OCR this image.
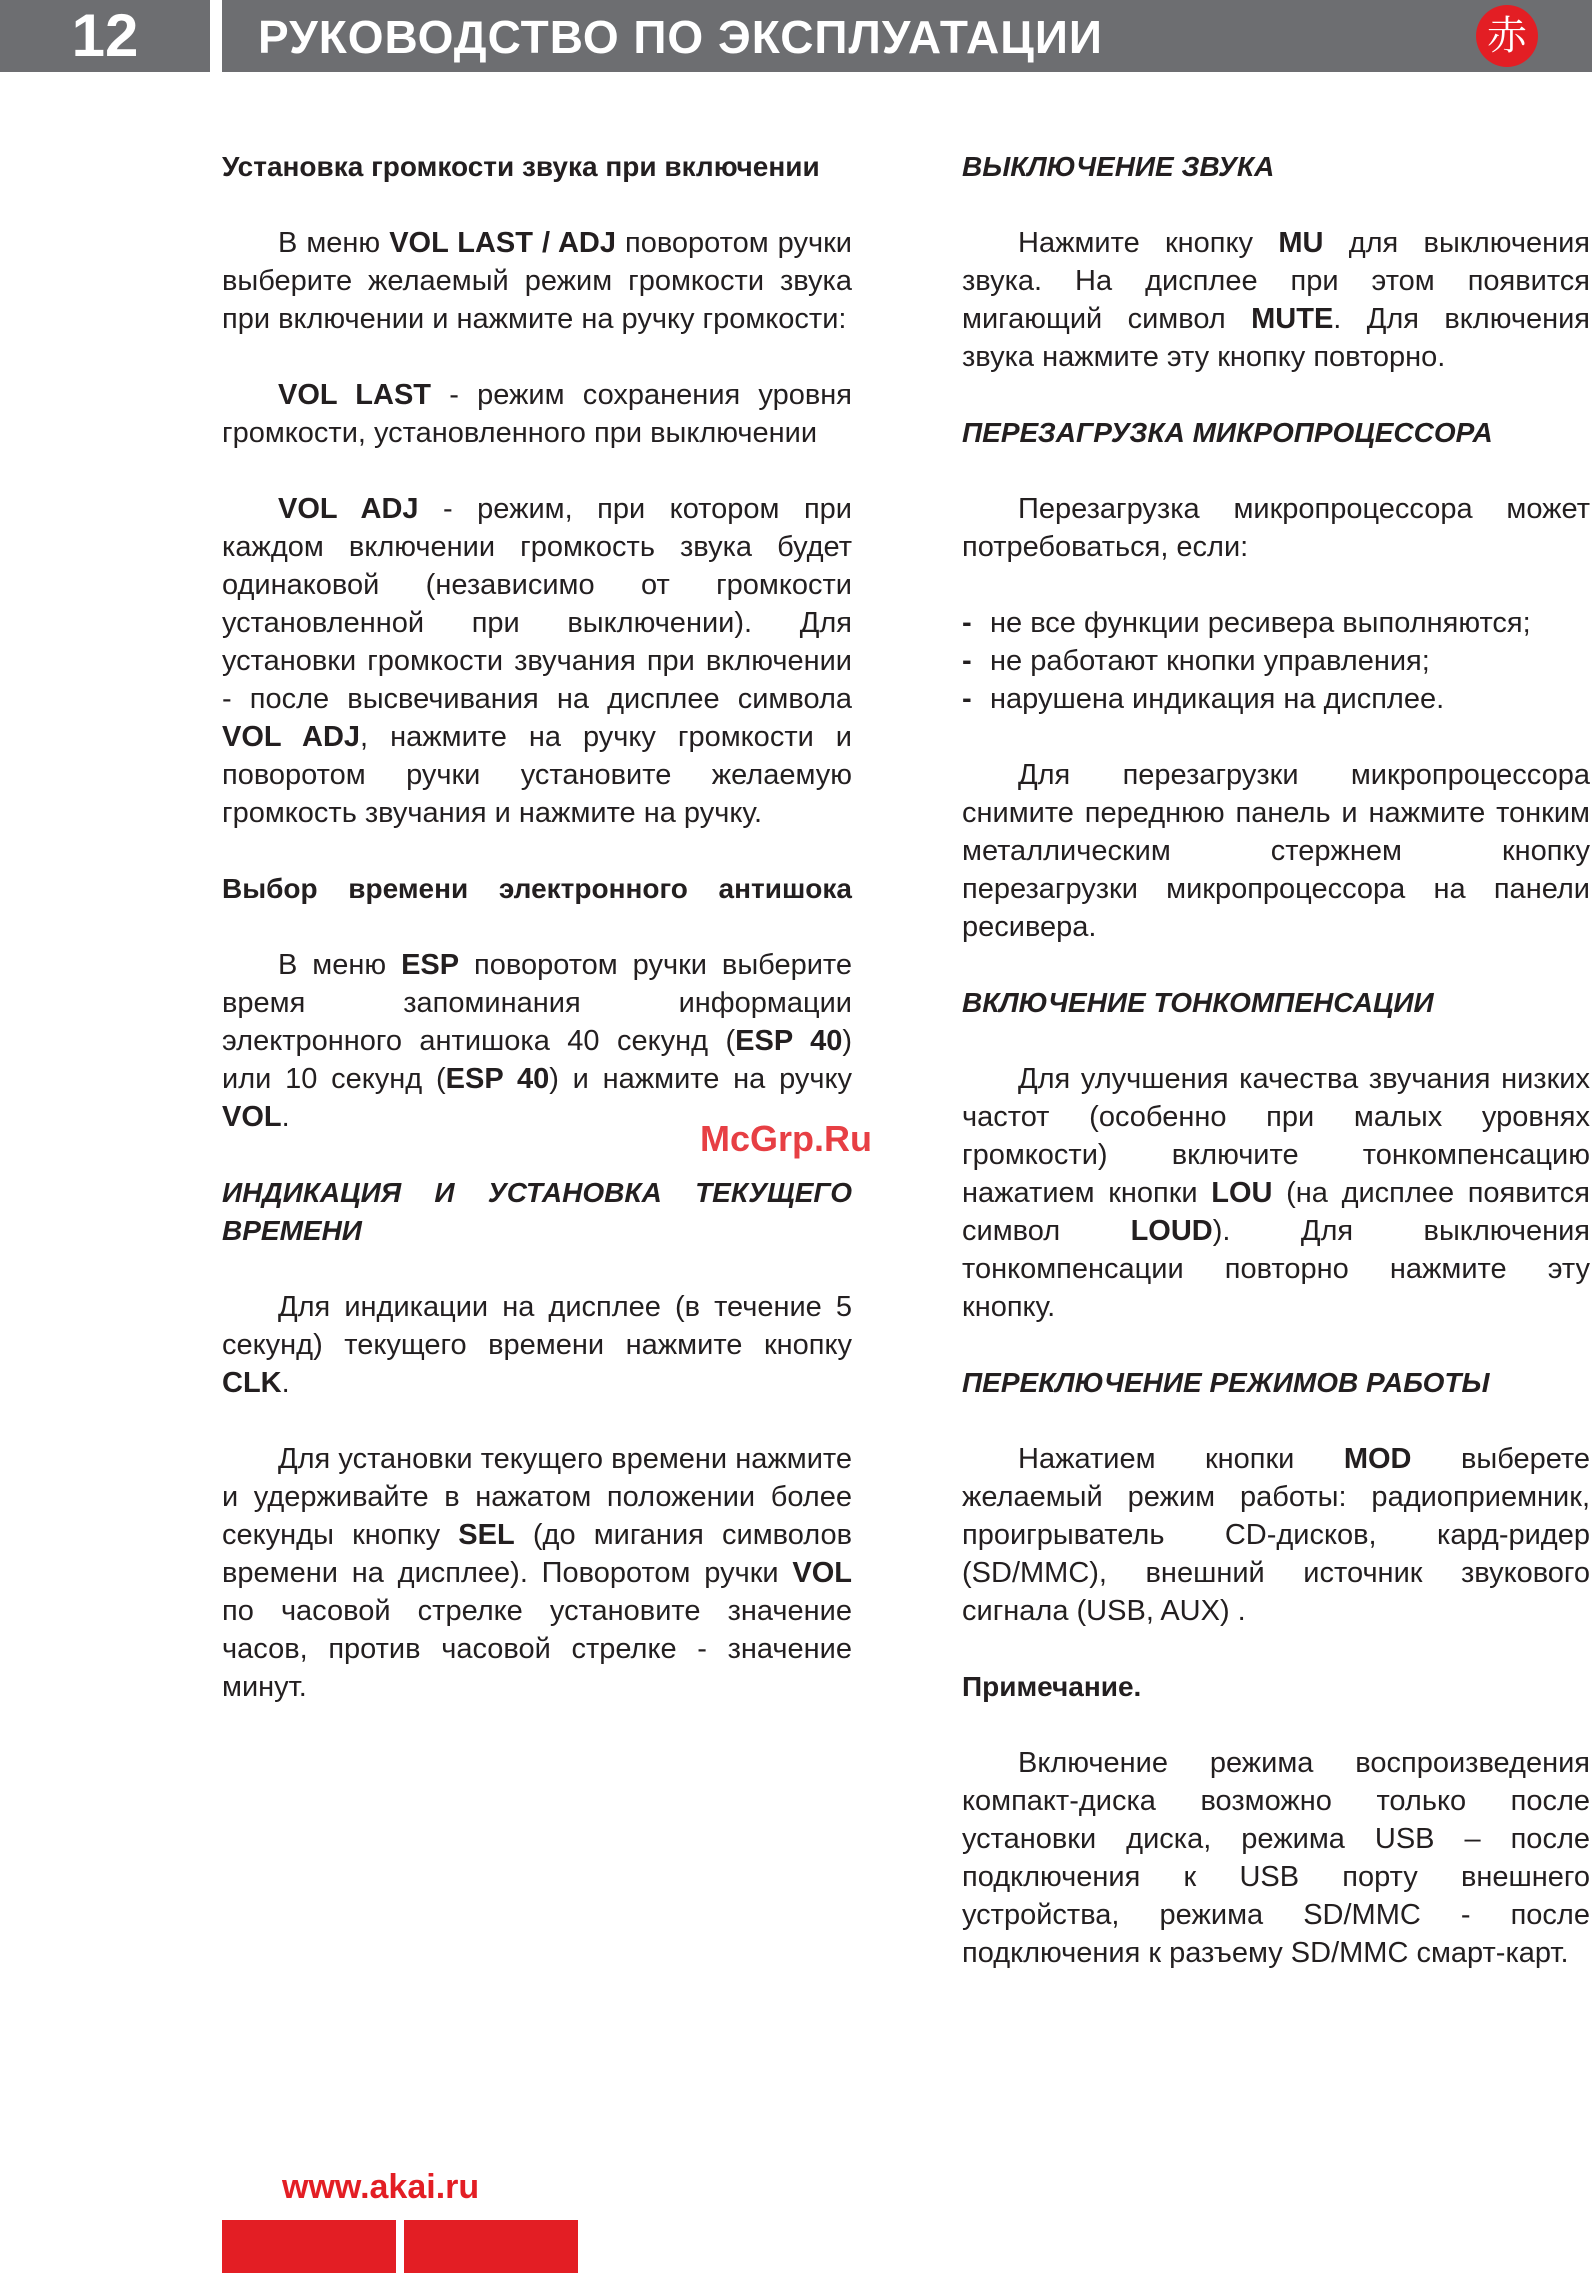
12	РУКОВОДСТВО ПО ЭКСПЛУАТАЦИИ	赤
Установка громкости звука при включении

В меню VOL LAST / ADJ поворотом ручки выберите желаемый режим громкости звука при включении и нажмите на ручку громкости:

VOL LAST - режим сохранения уровня громкости, установленного при выключении

VOL ADJ - режим, при котором при каждом включении громкость звука будет одинаковой (независимо от громкости установленной при выключении). Для установки громкости звучания при включении - после высвечивания на дисплее символа VOL ADJ, нажмите на ручку громкости и поворотом ручки установите желаемую громкость звучания и нажмите на ручку.

Выбор времени электронного антишока

В меню ESP поворотом ручки выберите время запоминания информации электронного антишока 40 секунд (ESP 40) или 10 секунд (ESP 40) и нажмите на ручку VOL.

ИНДИКАЦИЯ И УСТАНОВКА ТЕКУЩЕГО ВРЕМЕНИ

Для индикации на дисплее (в течение 5 секунд) текущего времени нажмите кнопку CLK.

Для установки текущего времени нажмите и удерживайте в нажатом положении более секунды кнопку SEL (до мигания символов времени на дисплее). Поворотом ручки VOL по часовой стрелке установите значение часов, против часовой стрелке - значение минут.

ВЫКЛЮЧЕНИЕ ЗВУКА

Нажмите кнопку MU для выключения звука. На дисплее при этом появится мигающий символ MUTE. Для включения звука нажмите эту кнопку повторно.

ПЕРЕЗАГРУЗКА МИКРОПРОЦЕССОРА

Перезагрузка микропроцессора может потребоваться, если:

- не все функции ресивера выполняются;
- не работают кнопки управления;
- нарушена индикация на дисплее.

Для перезагрузки микропроцессора снимите переднюю панель и нажмите тонким металлическим стержнем кнопку перезагрузки микропроцессора на панели ресивера.

ВКЛЮЧЕНИЕ ТОНКОМПЕНСАЦИИ

Для улучшения качества звучания низких частот (особенно при малых уровнях громкости) включите тонкомпенсацию нажатием кнопки LOU (на дисплее появится символ LOUD). Для выключения тонкомпенсации повторно нажмите эту кнопку.

ПЕРЕКЛЮЧЕНИЕ РЕЖИМОВ РАБОТЫ

Нажатием кнопки MOD выберете желаемый режим работы: радиоприемник, проигрыватель CD-дисков, кард-ридер (SD/MMC), внешний источник звукового сигнала (USB, AUX) .

Примечание.

Включение режима воспроизведения компакт-диска возможно только после установки диска, режима USB – после подключения к USB порту внешнего устройства, режима SD/MMC - после подключения к разъему SD/MMC смарт-карт.

McGrp.Ru
www.akai.ru
